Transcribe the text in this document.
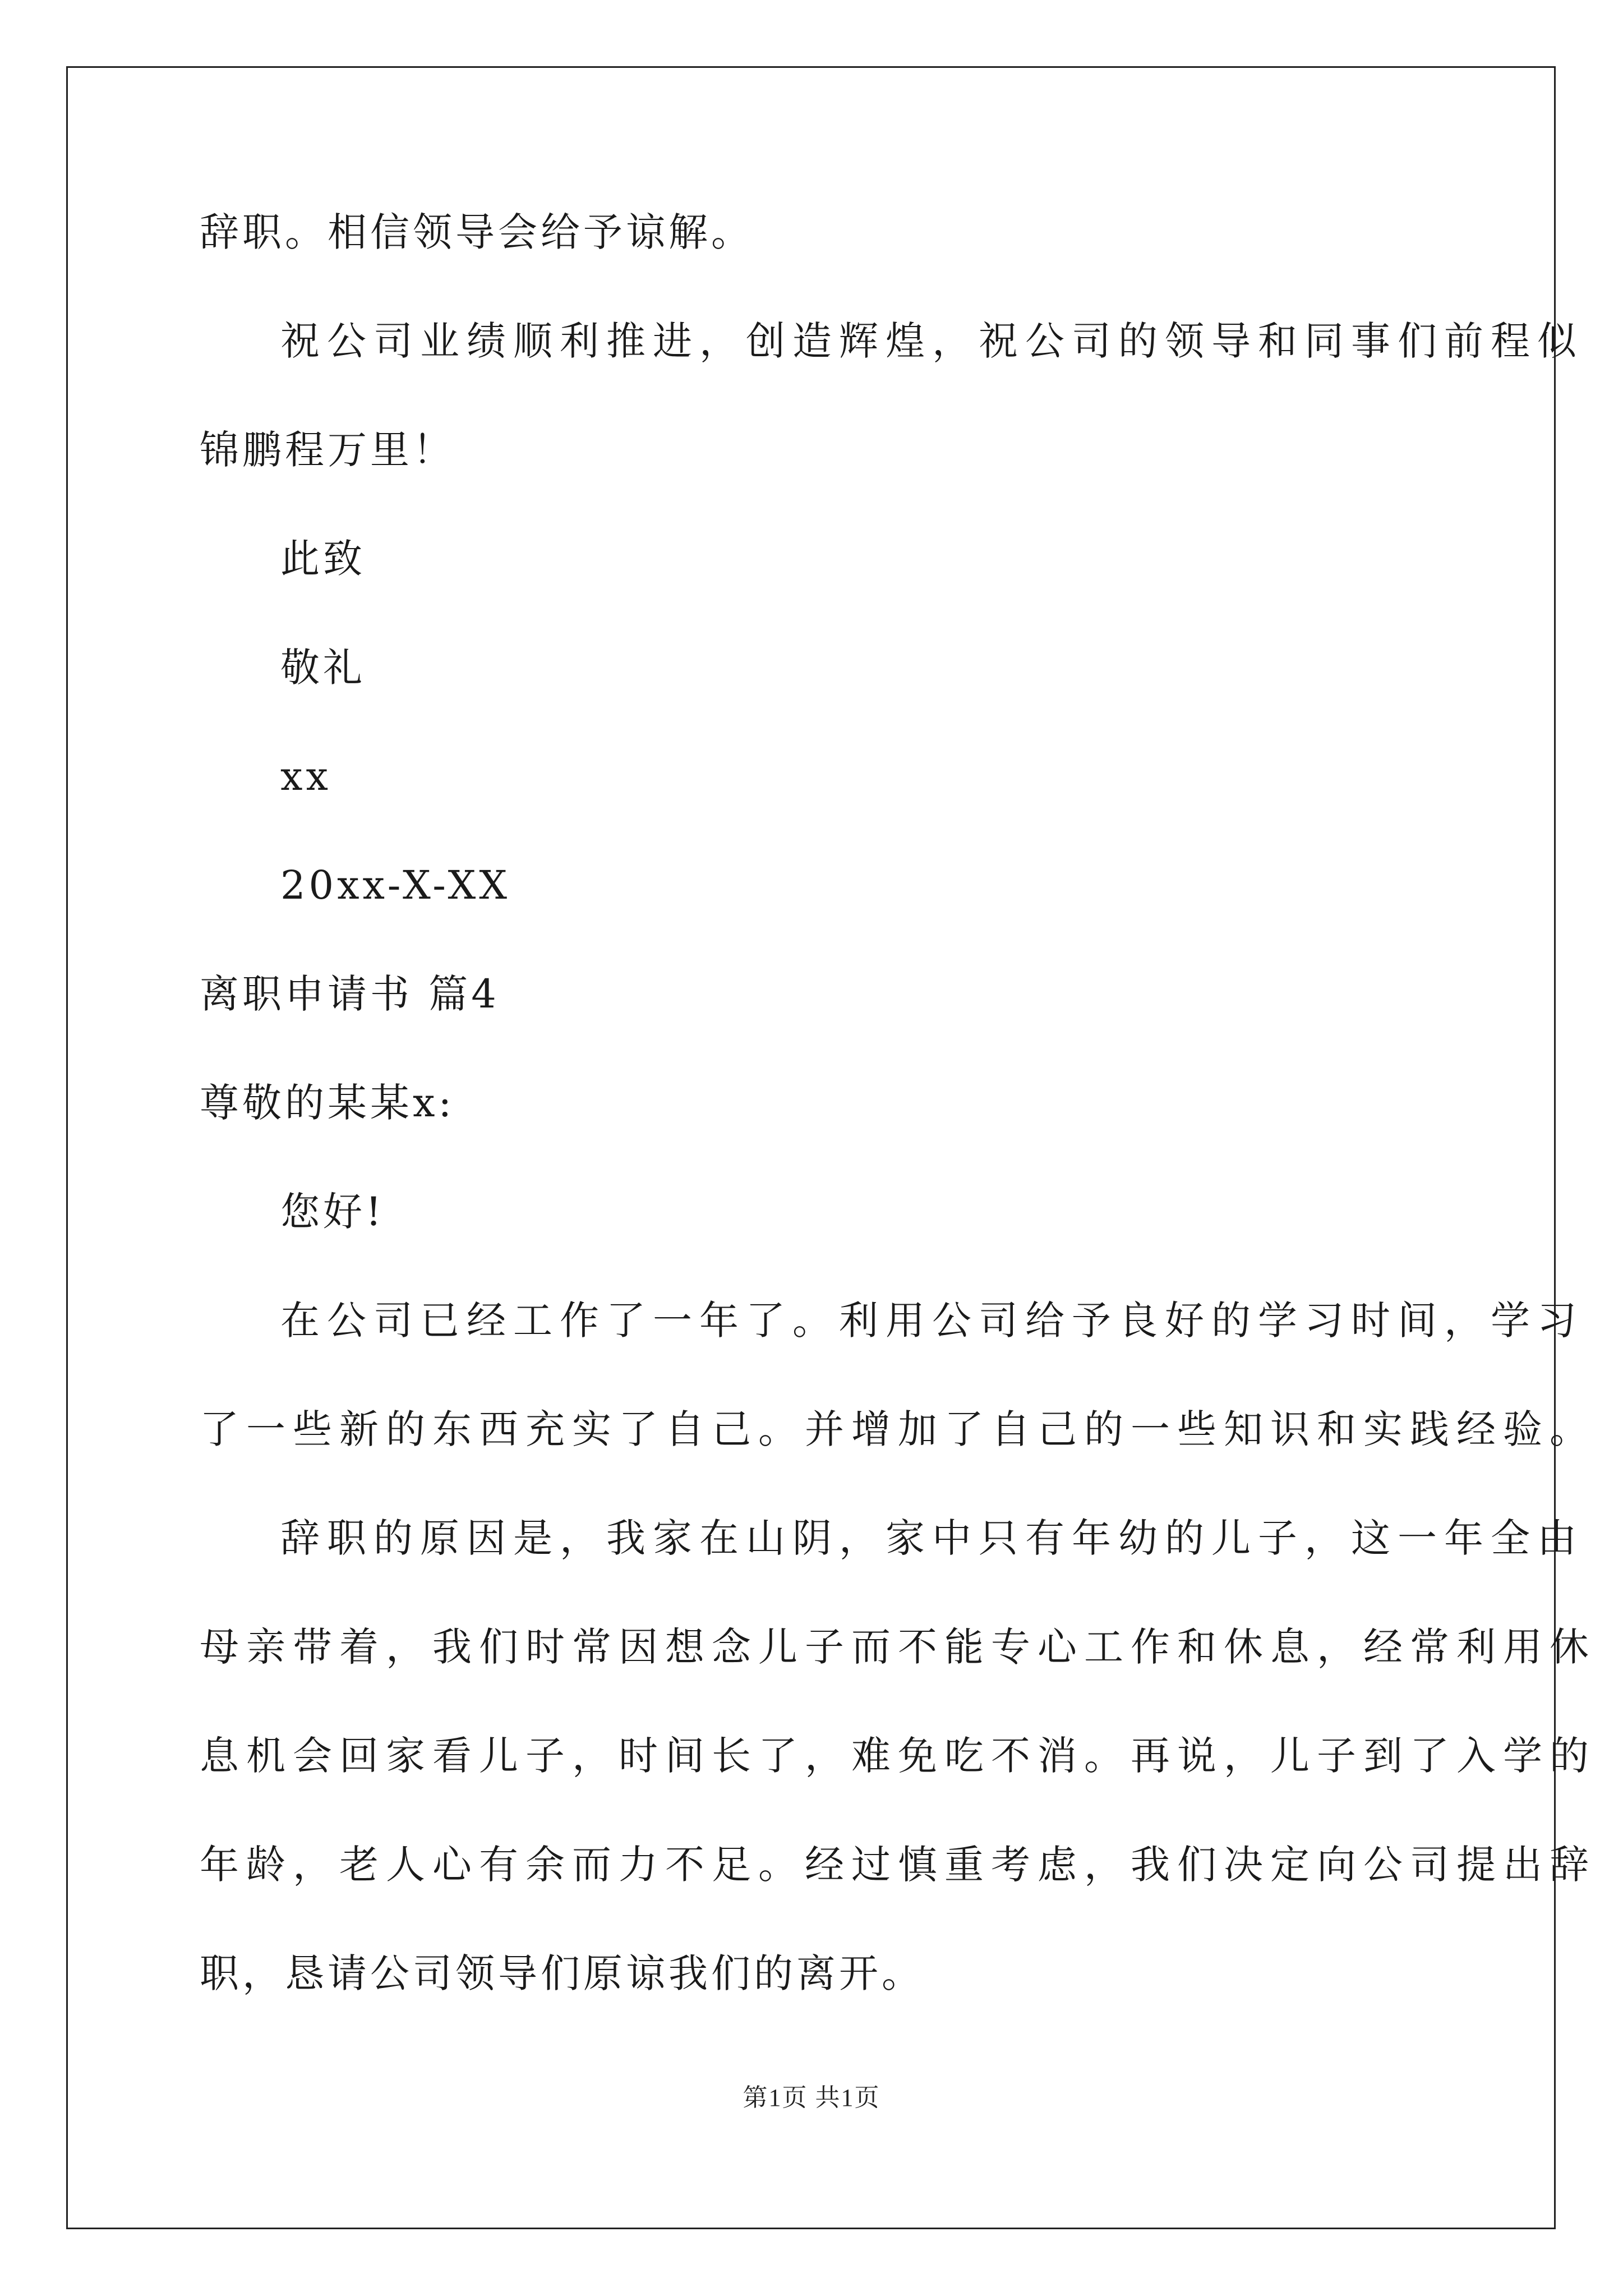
辞职。相信领导会给予谅解。
祝公司业绩顺利推进，创造辉煌，祝公司的领导和同事们前程似
锦鹏程万里！
此致
敬礼
xx
20xx-X-XX
离职申请书 篇4
尊敬的某某x:
您好!
在公司已经工作了一年了。利用公司给予良好的学习时间，学习
了一些新的东西充实了自己。并增加了自己的一些知识和实践经验。
辞职的原因是，我家在山阴，家中只有年幼的儿子，这一年全由
母亲带着，我们时常因想念儿子而不能专心工作和休息，经常利用休
息机会回家看儿子，时间长了，难免吃不消。再说，儿子到了入学的
年龄，老人心有余而力不足。经过慎重考虑，我们决定向公司提出辞
职，恳请公司领导们原谅我们的离开。
第1页 共1页
